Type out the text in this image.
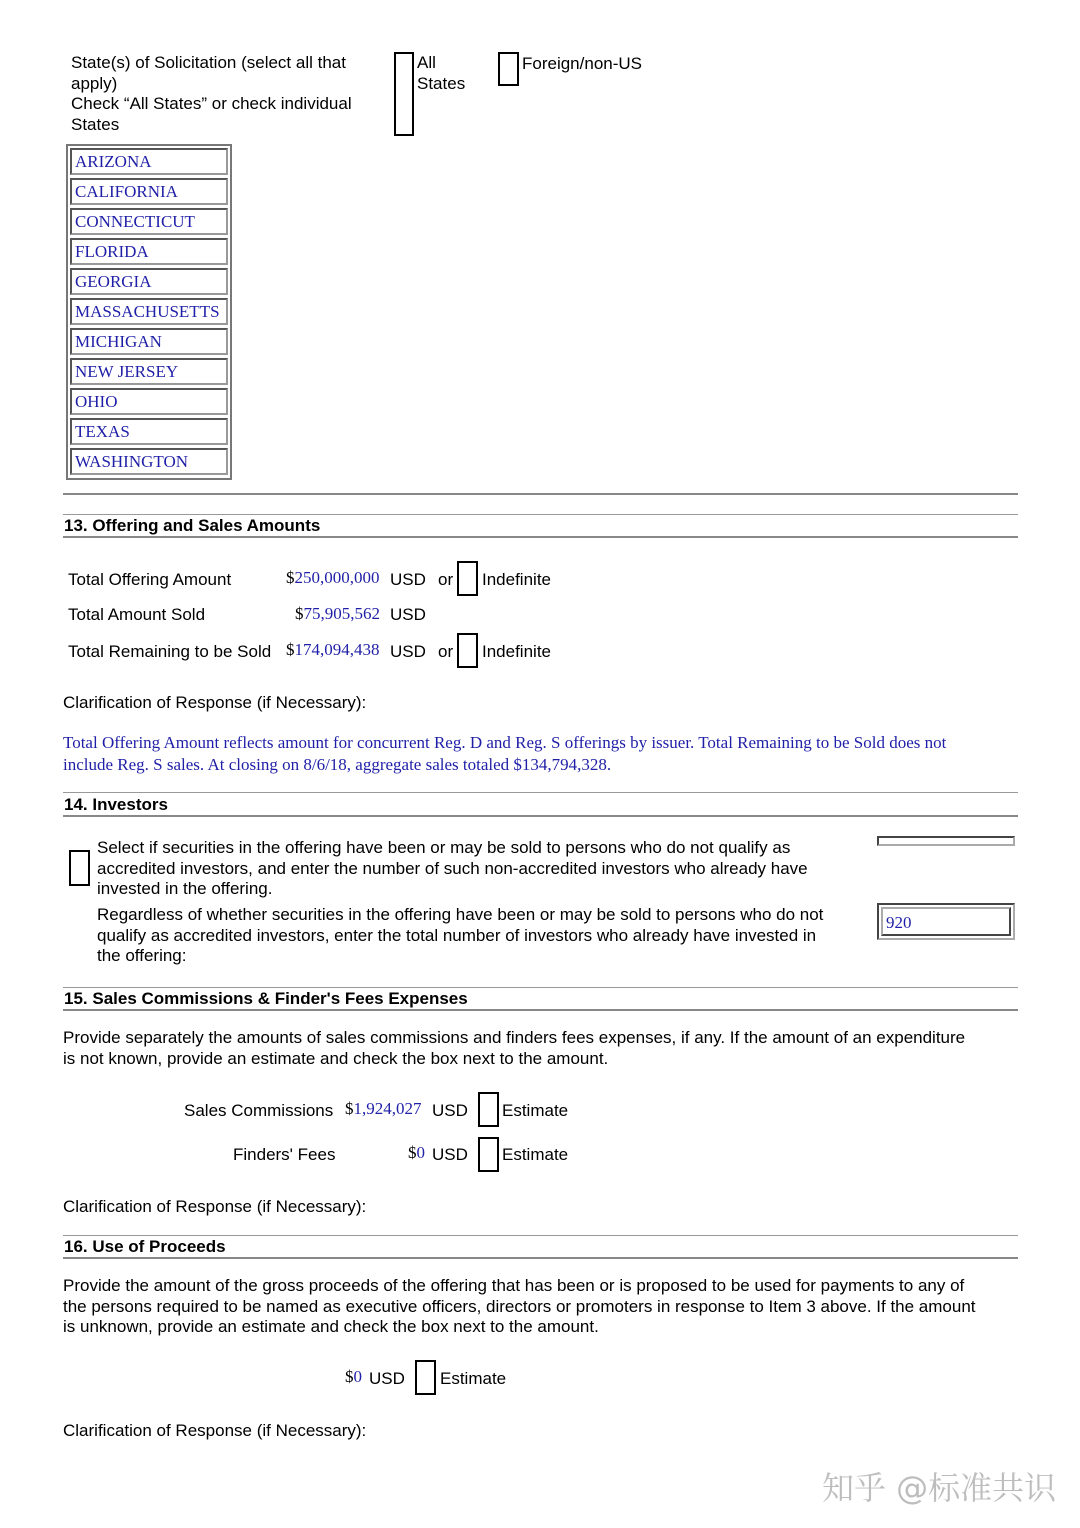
State(s) of Solicitation (select all that
apply)
Check “All States” or check individual
States
All
States
Foreign/non-US
ARIZONA
CALIFORNIA
CONNECTICUT
FLORIDA
GEORGIA
MASSACHUSETTS
MICHIGAN
NEW JERSEY
OHIO
TEXAS
WASHINGTON
13. Offering and Sales Amounts
Total Offering Amount	$250,000,000 USD or Indefinite
Total Amount Sold	$75,905,562 USD
Total Remaining to be Sold $174,094,438 USD or Indefinite
Clarification of Response (if Necessary):
Total Offering Amount reflects amount for concurrent Reg. D and Reg. S offerings by issuer. Total Remaining to be Sold does not
include Reg. S sales. At closing on 8/6/18, aggregate sales totaled $134,794,328.
14. Investors
Select if securities in the offering have been or may be sold to persons who do not qualify as
accredited investors, and enter the number of such non-accredited investors who already have
invested in the offering.
Regardless of whether securities in the offering have been or may be sold to persons who do not
qualify as accredited investors, enter the total number of investors who already have invested in
the offering:
920
15. Sales Commissions & Finder's Fees Expenses
Provide separately the amounts of sales commissions and finders fees expenses, if any. If the amount of an expenditure
is not known, provide an estimate and check the box next to the amount.
Sales Commissions $1,924,027 USD Estimate
Finders' Fees	$0 USD Estimate
Clarification of Response (if Necessary):
16. Use of Proceeds
Provide the amount of the gross proceeds of the offering that has been or is proposed to be used for payments to any of
the persons required to be named as executive officers, directors or promoters in response to Item 3 above. If the amount
is unknown, provide an estimate and check the box next to the amount.
$0 USD Estimate
Clarification of Response (if Necessary):
知乎 @标准共识
